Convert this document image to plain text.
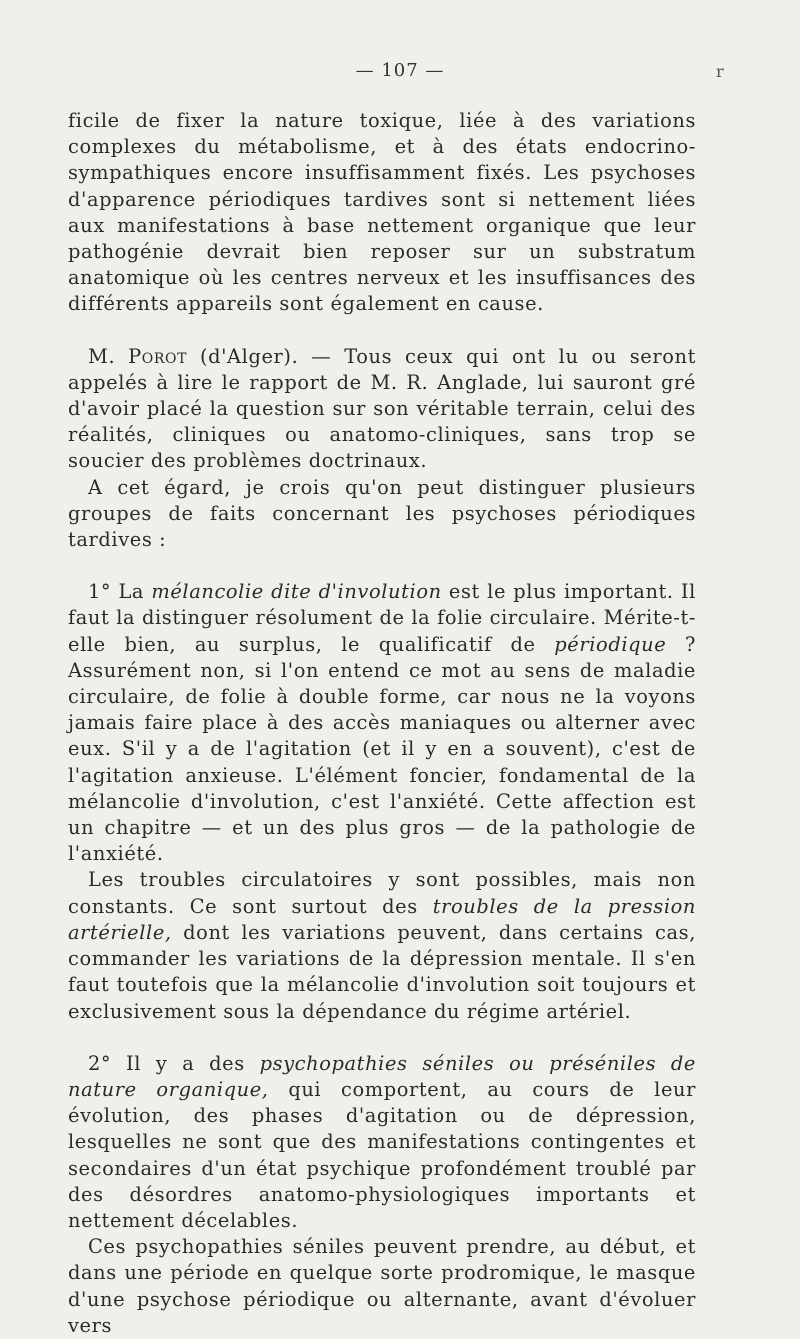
— 107 —	r

ficile de fixer la nature toxique, liée à des variations complexes du métabolisme, et à des états endocrino-sympathiques encore insuffisamment fixés. Les psychoses d'apparence périodiques tardives sont si nettement liées aux manifestations à base nettement organique que leur pathogénie devrait bien reposer sur un substratum anatomique où les centres nerveux et les insuffisances des différents appareils sont également en cause.

M. Porot (d'Alger). — Tous ceux qui ont lu ou seront appelés à lire le rapport de M. R. Anglade, lui sauront gré d'avoir placé la question sur son véritable terrain, celui des réalités, cliniques ou anatomo-cliniques, sans trop se soucier des problèmes doctrinaux.

A cet égard, je crois qu'on peut distinguer plusieurs groupes de faits concernant les psychoses périodiques tardives :

1° La mélancolie dite d'involution est le plus important. Il faut la distinguer résolument de la folie circulaire. Mérite-t-elle bien, au surplus, le qualificatif de périodique ? Assurément non, si l'on entend ce mot au sens de maladie circulaire, de folie à double forme, car nous ne la voyons jamais faire place à des accès maniaques ou alterner avec eux. S'il y a de l'agitation (et il y en a souvent), c'est de l'agitation anxieuse. L'élément foncier, fondamental de la mélancolie d'involution, c'est l'anxiété. Cette affection est un chapitre — et un des plus gros — de la pathologie de l'anxiété.

Les troubles circulatoires y sont possibles, mais non constants. Ce sont surtout des troubles de la pression artérielle, dont les variations peuvent, dans certains cas, commander les variations de la dépression mentale. Il s'en faut toutefois que la mélancolie d'involution soit toujours et exclusivement sous la dépendance du régime artériel.

2° Il y a des psychopathies séniles ou préséniles de nature organique, qui comportent, au cours de leur évolution, des phases d'agitation ou de dépression, lesquelles ne sont que des manifestations contingentes et secondaires d'un état psychique profondément troublé par des désordres anatomo-physiologiques importants et nettement décelables.

Ces psychopathies séniles peuvent prendre, au début, et dans une période en quelque sorte prodromique, le masque d'une psychose périodique ou alternante, avant d'évoluer vers
